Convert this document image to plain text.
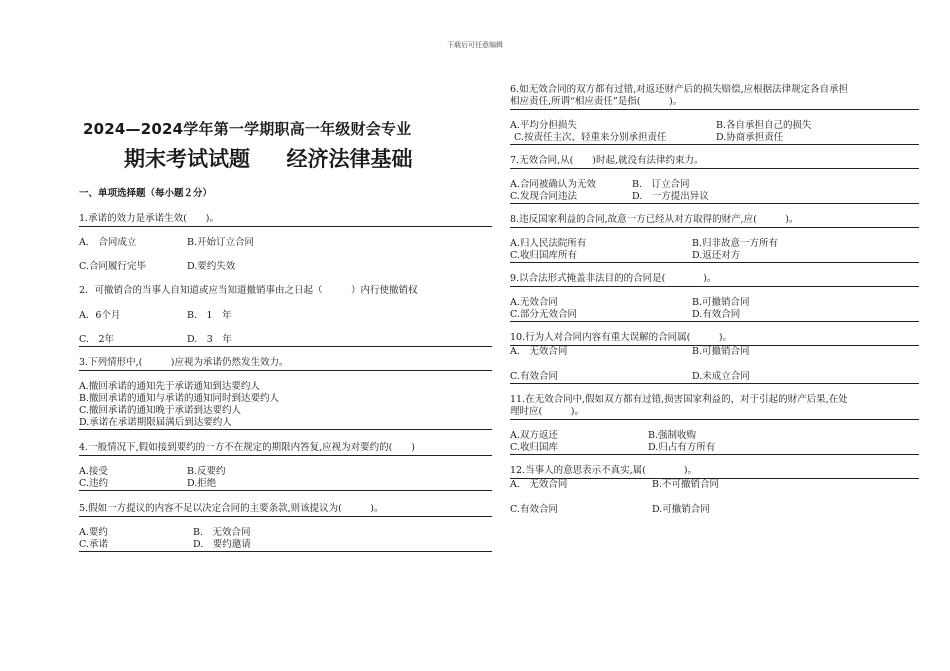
下载后可任意编辑
2024—2024学年第一学期职高一年级财会专业
期末考试试题     经济法律基础
一、单项选择题（每小题２分）
1.承诺的效力是承诺生效(　　)。
A.　合同成立	B.开始订立合同
C.合同履行完毕	D.要约失效
2．可撤销合的当事人自知道或应当知道撤销事由之日起（　　　）内行使撤销权
A．6个月	B.　1　年
C.　2年	D.　3　年
3.下列情形中,(　　　)应视为承诺仍然发生效力。
A.撤回承诺的通知先于承诺通知到达要约人
B.撤回承诺的通知与承诺的通知同时到达要约人
C.撤回承诺的通知晚于承诺到达要约人
D.承诺在承诺期限届满后到达要约人
4.一般情况下,假如接到要约的一方不在规定的期限内答复,应视为对要约的(　　)
A.接受	B.反要约
C.违约	D.拒绝
5.假如一方提议的内容不足以决定合同的主要条款,则该提议为(　　　)。
A.要约	B.　无效合同
C.承诺	D.　要约邀请
6.如无效合同的双方都有过错,对返还财产后的损失赔偿,应根据法律规定各自承担
相应责任,所谓“相应责任”是指(　　　)。
A.平均分担损失	B.各自承担自己的损失
C.按责任主次、轻重来分别承担责任	D.协商承担责任
7.无效合同,从(　　)时起,就没有法律约束力。
A.合同被确认为无效	B.　订立合同
C.发现合同违法	D.　一方提出异议
8.违反国家利益的合同,故意一方已经从对方取得的财产,应(　　　)。
A.归人民法院所有	B.归非故意一方所有
C.收归国库所有	D.返还对方
9.以合法形式掩盖非法目的的合同是(　　　　)。
A.无效合同	B.可撤销合同
C.部分无效合同	D.有效合同
10.行为人对合同内容有重大误解的合同属(　　　)。
A.　无效合同	B.可撤销合同
C.有效合同	D.未成立合同
11.在无效合同中,假如双方都有过错,损害国家利益的，对于引起的财产后果,在处
理时应(　　　)。
A.双方返还	B.强制收购
C.收归国库	D.归占有方所有
12.当事人的意思表示不真实,属(　　　　)。
A.　无效合同	B.不可撤销合同
C.有效合同	D.可撤销合同
